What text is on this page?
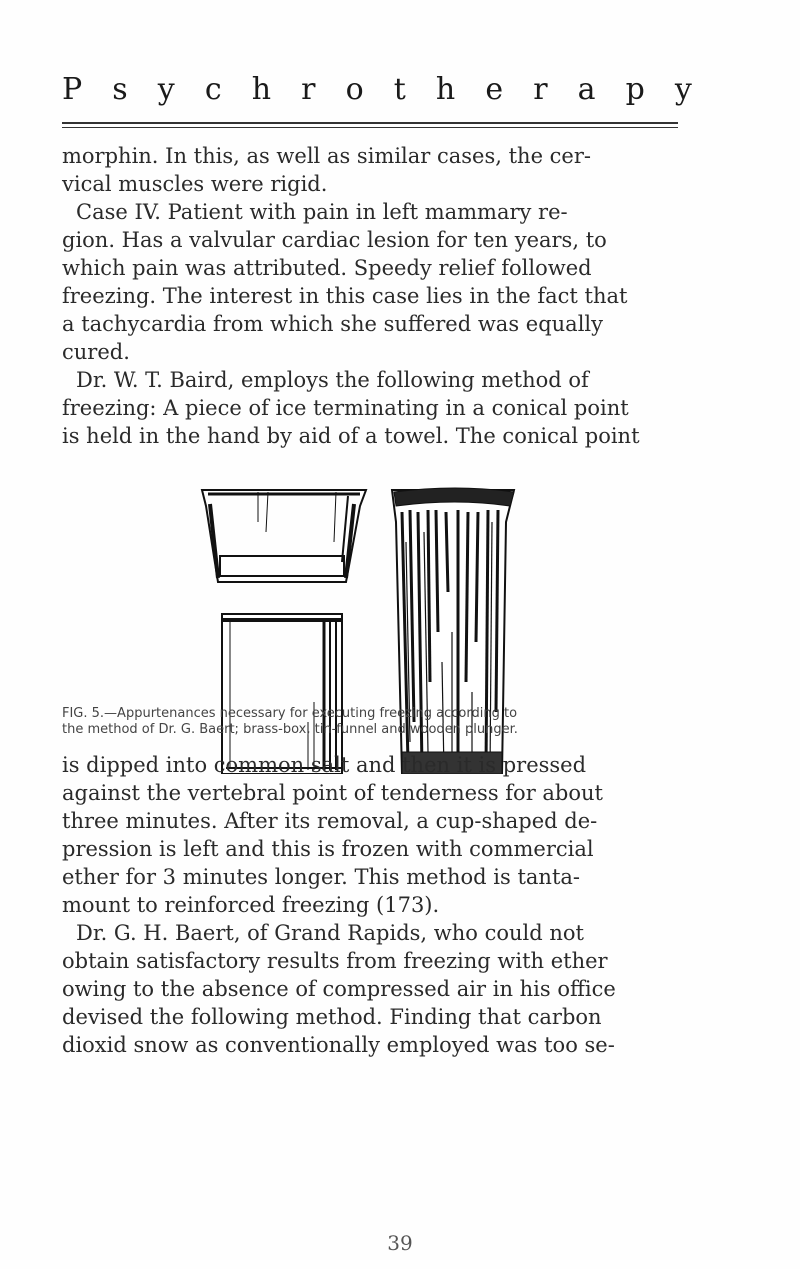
P s y c h r o t h e r a p y

morphin. In this, as well as similar cases, the cer-
vical muscles were rigid.
Case IV. Patient with pain in left mammary re-
gion. Has a valvular cardiac lesion for ten years, to
which pain was attributed. Speedy relief followed
freezing. The interest in this case lies in the fact that
a tachycardia from which she suffered was equally
cured.
Dr. W. T. Baird, employs the following method of
freezing: A piece of ice terminating in a conical point
is held in the hand by aid of a towel. The conical point

FIG. 5.—Appurtenances necessary for executing freezing according to
the method of Dr. G. Baert; brass-box, tin-funnel and wooden plunger.

is dipped into common salt and then it is pressed
against the vertebral point of tenderness for about
three minutes. After its removal, a cup-shaped de-
pression is left and this is frozen with commercial
ether for 3 minutes longer. This method is tanta-
mount to reinforced freezing (173).
Dr. G. H. Baert, of Grand Rapids, who could not
obtain satisfactory results from freezing with ether
owing to the absence of compressed air in his office
devised the following method. Finding that carbon
dioxid snow as conventionally employed was too se-

39
